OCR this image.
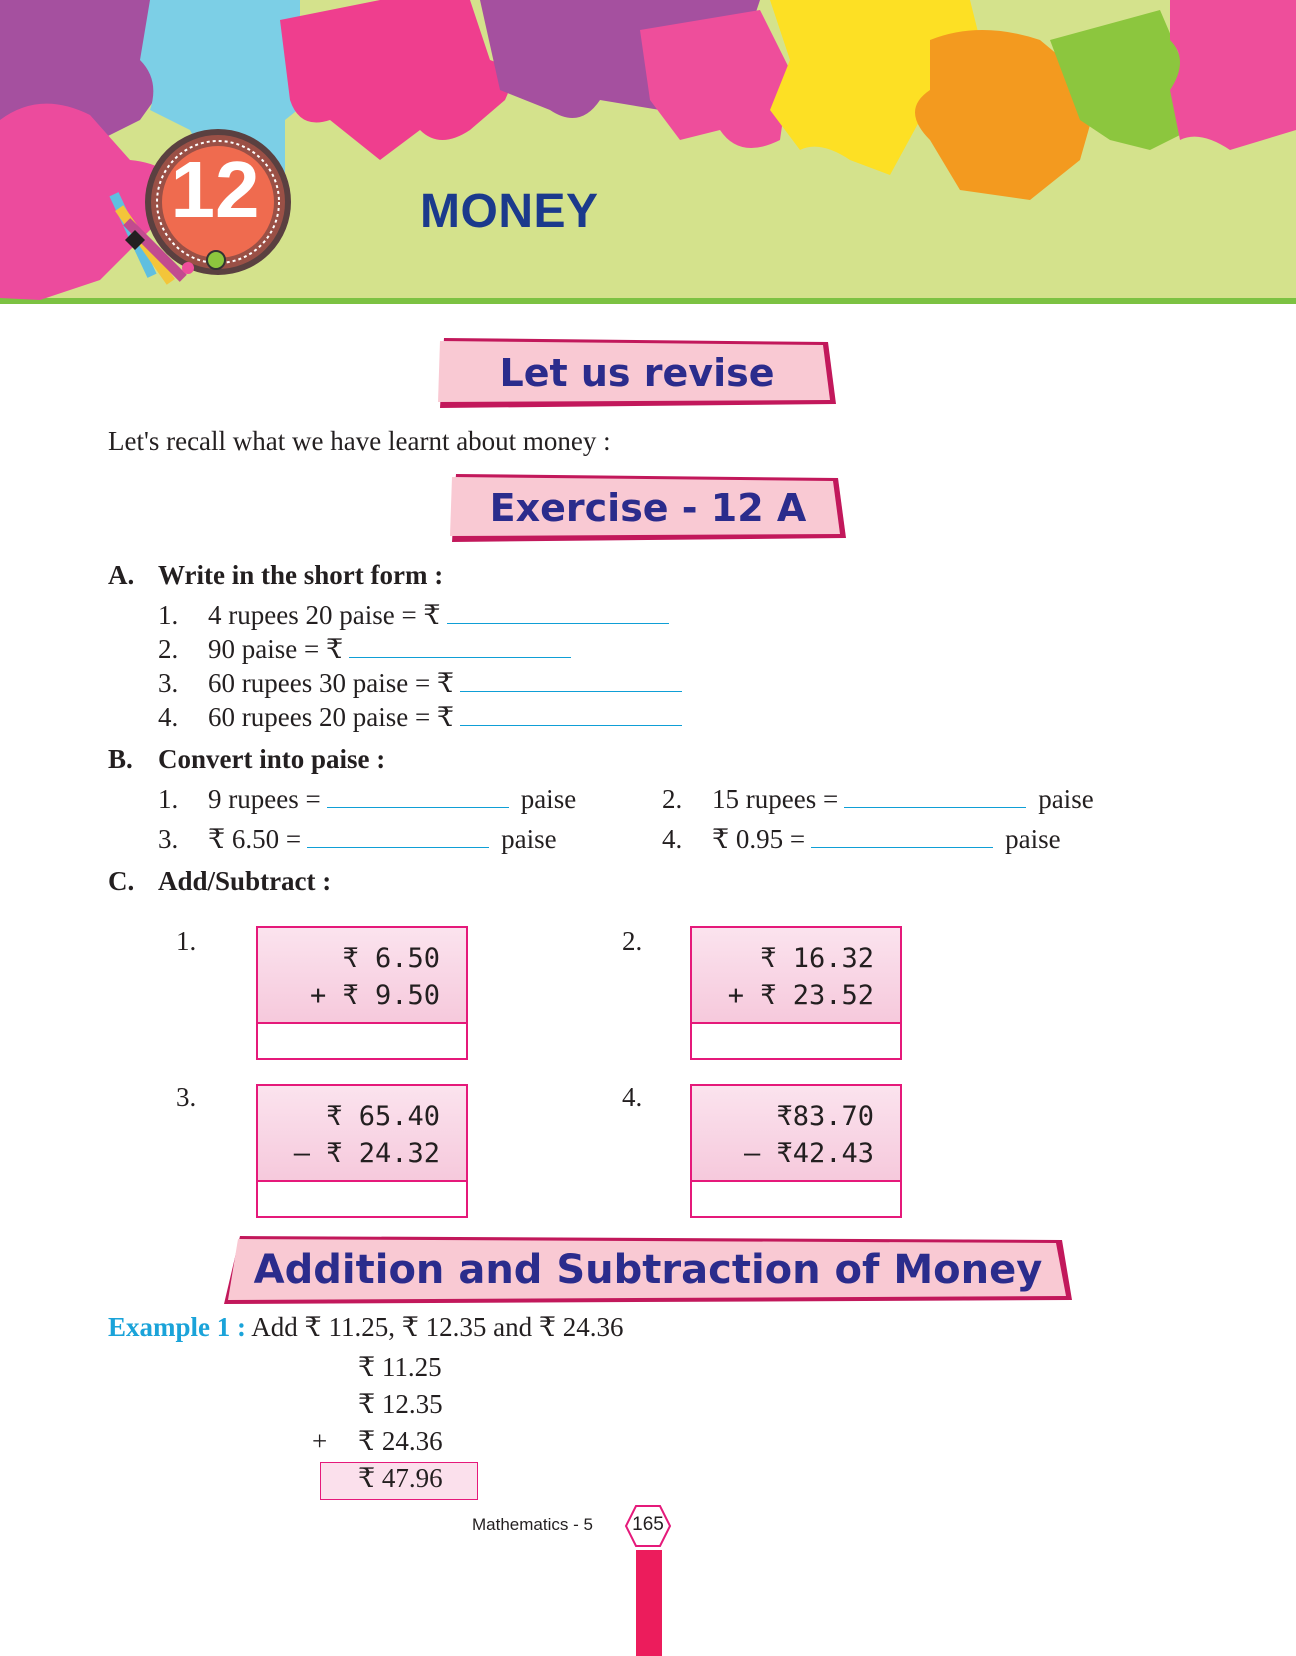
12	MONEY
Let us revise
Let's recall what we have learnt about money :
Exercise - 12 A
A. Write in the short form :
1. 4 rupees 20 paise = ₹
2. 90 paise = ₹
3. 60 rupees 30 paise = ₹
4. 60 rupees 20 paise = ₹
B. Convert into paise :
1. 9 rupees =	paise	2. 15 rupees =	paise
3. ₹ 6.50 =	paise	4. ₹ 0.95 =	paise
C. Add/Subtract :
1.
₹ 6.50
+ ₹ 9.50
2.
₹ 16.32
+ ₹ 23.52
3.
₹ 65.40
– ₹ 24.32
4.
₹83.70
– ₹42.43
Addition and Subtraction of Money
Example 1 : Add ₹ 11.25, ₹ 12.35 and ₹ 24.36
₹ 11.25
₹ 12.35
+ ₹ 24.36
₹ 47.96
Mathematics - 5	165
